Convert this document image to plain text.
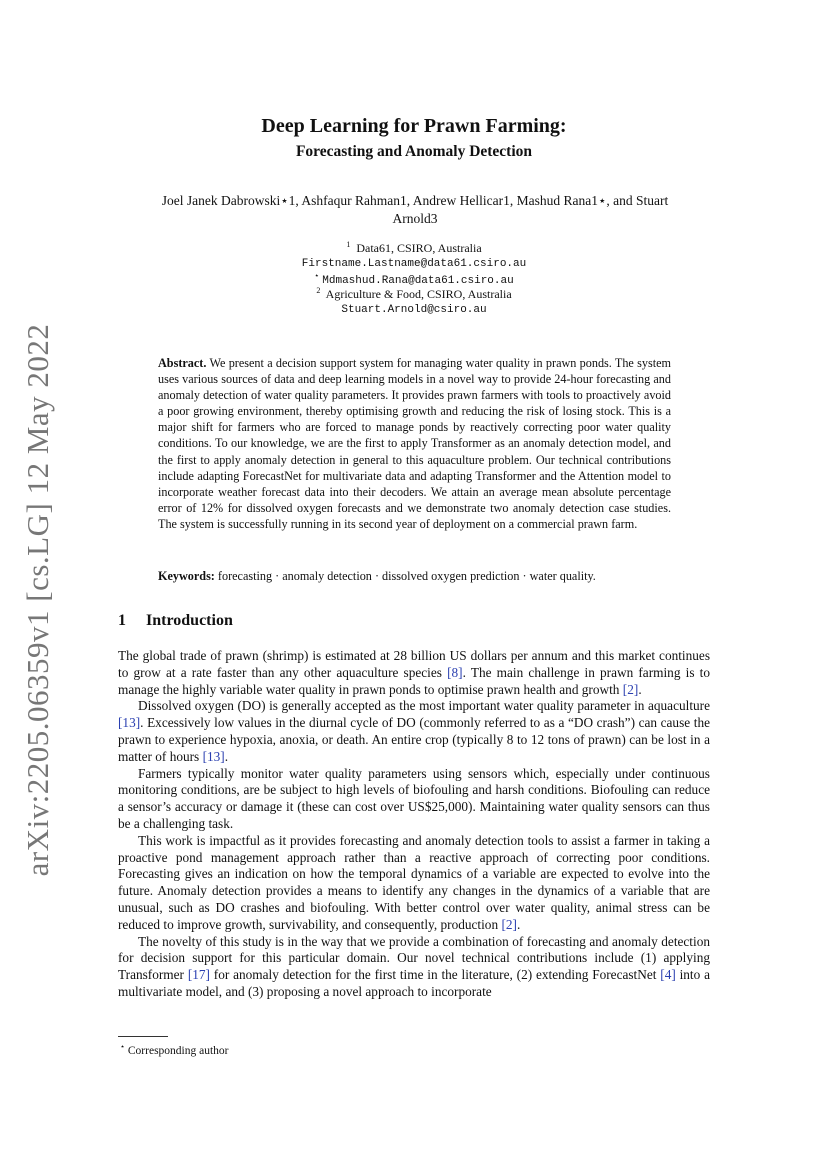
arXiv:2205.06359v1 [cs.LG] 12 May 2022
Deep Learning for Prawn Farming:
Forecasting and Anomaly Detection
Joel Janek Dabrowski⋆1, Ashfaqur Rahman1, Andrew Hellicar1, Mashud Rana1⋆, and Stuart
Arnold3
$^1$ Data61, CSIRO, Australia
Firstname.Lastname@data61.csiro.au
⋆ Mdmashud.Rana@data61.csiro.au
$^2$ Agriculture & Food, CSIRO, Australia
Stuart.Arnold@csiro.au
Abstract. We present a decision support system for managing water quality in prawn ponds. The system uses various sources of data and deep learning models in a novel way to provide 24-hour forecasting and anomaly detection of water quality parameters. It provides prawn farmers with tools to proactively avoid a poor growing environment, thereby optimising growth and reducing the risk of losing stock. This is a major shift for farmers who are forced to manage ponds by reactively correcting poor water quality conditions. To our knowledge, we are the first to apply Transformer as an anomaly detection model, and the first to apply anomaly detection in general to this aquaculture problem. Our technical contributions include adapting ForecastNet for multivariate data and adapting Transformer and the Attention model to incorporate weather forecast data into their decoders. We attain an average mean absolute percentage error of 12% for dissolved oxygen forecasts and we demonstrate two anomaly detection case studies. The system is successfully running in its second year of deployment on a commercial prawn farm.
Keywords: forecasting · anomaly detection · dissolved oxygen prediction · water quality.
1 Introduction

The global trade of prawn (shrimp) is estimated at 28 billion US dollars per annum and this market continues to grow at a rate faster than any other aquaculture species [8]. The main challenge in prawn farming is to manage the highly variable water quality in prawn ponds to optimise prawn health and growth [2].

Dissolved oxygen (DO) is generally accepted as the most important water quality parameter in aquaculture [13]. Excessively low values in the diurnal cycle of DO (commonly referred to as a “DO crash”) can cause the prawn to experience hypoxia, anoxia, or death. An entire crop (typically 8 to 12 tons of prawn) can be lost in a matter of hours [13].

Farmers typically monitor water quality parameters using sensors which, especially under continuous monitoring conditions, are be subject to high levels of biofouling and harsh conditions. Biofouling can reduce a sensor’s accuracy or damage it (these can cost over US$25,000). Maintaining water quality sensors can thus be a challenging task.

This work is impactful as it provides forecasting and anomaly detection tools to assist a farmer in taking a proactive pond management approach rather than a reactive approach of correcting poor conditions. Forecasting gives an indication on how the temporal dynamics of a variable are expected to evolve into the future. Anomaly detection provides a means to identify any changes in the dynamics of a variable that are unusual, such as DO crashes and biofouling. With better control over water quality, animal stress can be reduced to improve growth, survivability, and consequently, production [2].

The novelty of this study is in the way that we provide a combination of forecasting and anomaly detection for decision support for this particular domain. Our novel technical contributions include (1) applying Transformer [17] for anomaly detection for the first time in the literature, (2) extending ForecastNet [4] into a multivariate model, and (3) proposing a novel approach to incorporate

⋆ Corresponding author
